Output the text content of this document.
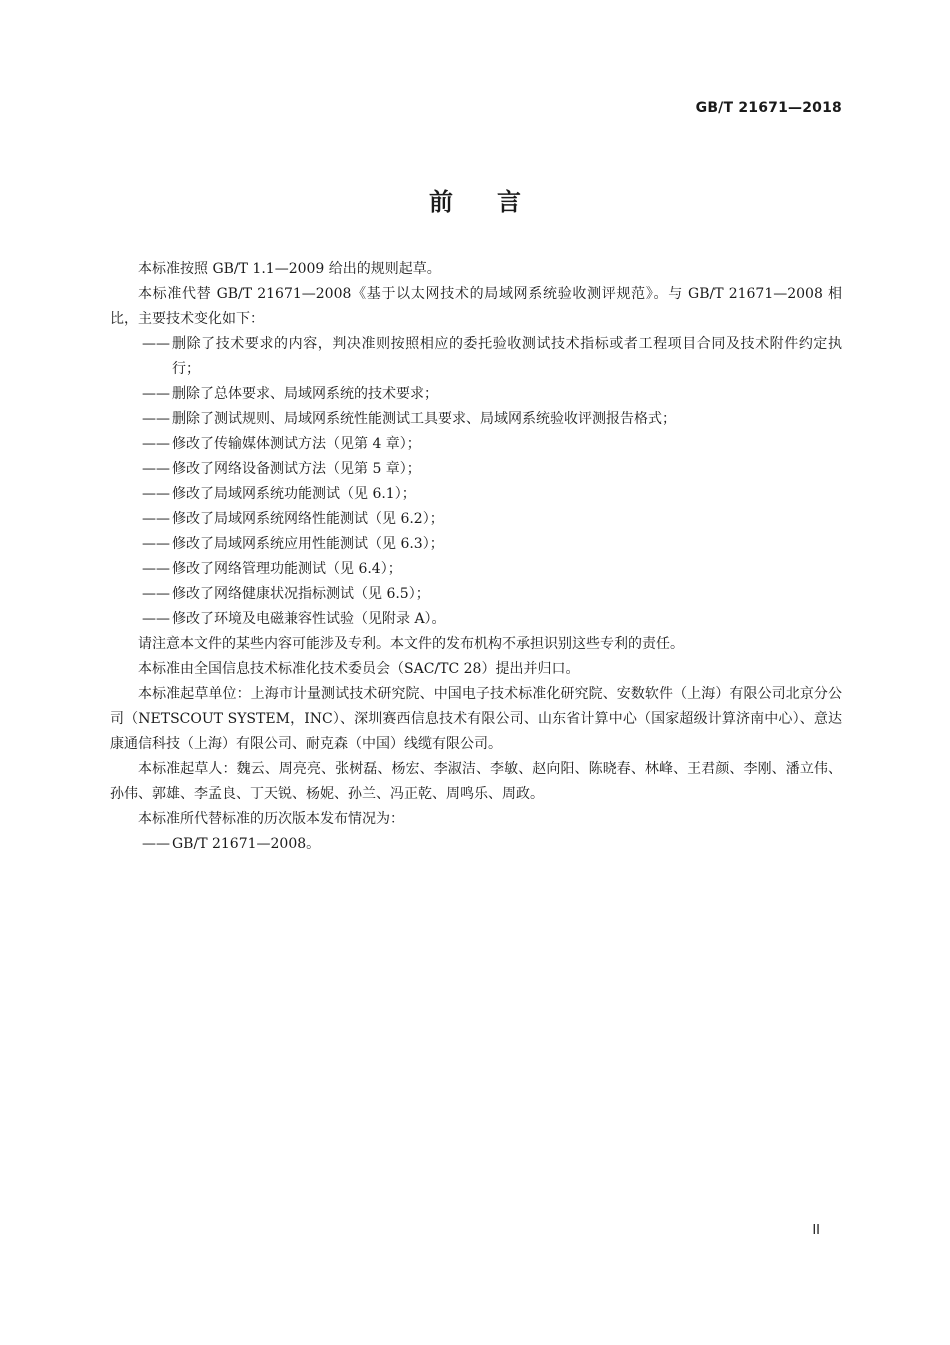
GB/T 21671—2018
前言

本标准按照 GB/T 1.1—2009 给出的规则起草。

本标准代替 GB/T 21671—2008《基于以太网技术的局域网系统验收测评规范》。与 GB/T 21671—2008 相比，主要技术变化如下：

—— 删除了技术要求的内容，判决准则按照相应的委托验收测试技术指标或者工程项目合同及技术附件约定执行；
—— 删除了总体要求、局域网系统的技术要求；
—— 删除了测试规则、局域网系统性能测试工具要求、局域网系统验收评测报告格式；
—— 修改了传输媒体测试方法（见第 4 章）；
—— 修改了网络设备测试方法（见第 5 章）；
—— 修改了局域网系统功能测试（见 6.1）；
—— 修改了局域网系统网络性能测试（见 6.2）；
—— 修改了局域网系统应用性能测试（见 6.3）；
—— 修改了网络管理功能测试（见 6.4）；
—— 修改了网络健康状况指标测试（见 6.5）；
—— 修改了环境及电磁兼容性试验（见附录 A）。

请注意本文件的某些内容可能涉及专利。本文件的发布机构不承担识别这些专利的责任。

本标准由全国信息技术标准化技术委员会（SAC/TC 28）提出并归口。

本标准起草单位：上海市计量测试技术研究院、中国电子技术标准化研究院、安数软件（上海）有限公司北京分公司（NETSCOUT SYSTEM，INC）、深圳赛西信息技术有限公司、山东省计算中心（国家超级计算济南中心）、意达康通信科技（上海）有限公司、耐克森（中国）线缆有限公司。

本标准起草人：魏云、周亮亮、张树磊、杨宏、李淑洁、李敏、赵向阳、陈晓春、林峰、王君颜、李刚、潘立伟、孙伟、郭雄、李孟良、丁天锐、杨妮、孙兰、冯正乾、周鸣乐、周政。

本标准所代替标准的历次版本发布情况为：

—— GB/T 21671—2008。
II
